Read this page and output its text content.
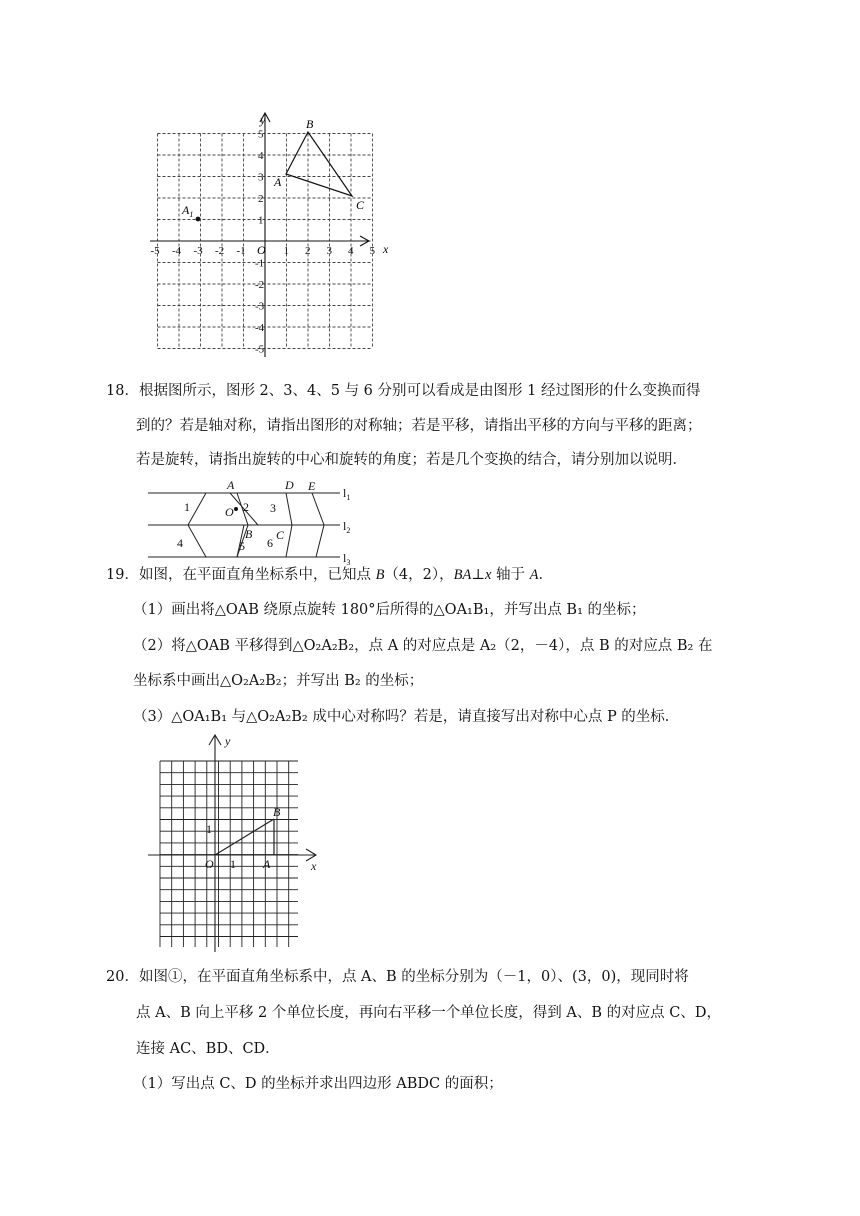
-5 -4 -3 -2 -1	1 2 3 4 5
5
4
3
2
1
-1
-2
-3
-4
-5
O	x
y
A
B
C
$A_1$
18．根据图所示，图形 2、3、4、5 与 6 分别可以看成是由图形 1 经过图形的什么变换而得
到的？若是轴对称，请指出图形的对称轴；若是平移，请指出平移的方向与平移的距离；
若是旋转，请指出旋转的中心和旋转的角度；若是几个变换的结合，请分别加以说明．
1	2 3
4	5 6
A
O
B C
D E $l_1$
$l_2$
$l_3$
19．如图，在平面直角坐标系中，已知点 B（4，2），BA⊥x 轴于 A．
（1）画出将△OAB 绕原点旋转 180°后所得的△OA₁B₁，并写出点 B₁ 的坐标；
（2）将△OAB 平移得到△O₂A₂B₂，点 A 的对应点是 A₂（2，－4），点 B 的对应点 B₂ 在
坐标系中画出△O₂A₂B₂；并写出 B₂ 的坐标；
（3）△OA₁B₁ 与△O₂A₂B₂ 成中心对称吗？若是，请直接写出对称中心点 P 的坐标．
O 1
1
A
B
x
y
20．如图①，在平面直角坐标系中，点 A、B 的坐标分别为（－1，0）、(3，0)，现同时将
点 A、B 向上平移 2 个单位长度，再向右平移一个单位长度，得到 A、B 的对应点 C、D，
连接 AC、BD、CD．
（1）写出点 C、D 的坐标并求出四边形 ABDC 的面积；
